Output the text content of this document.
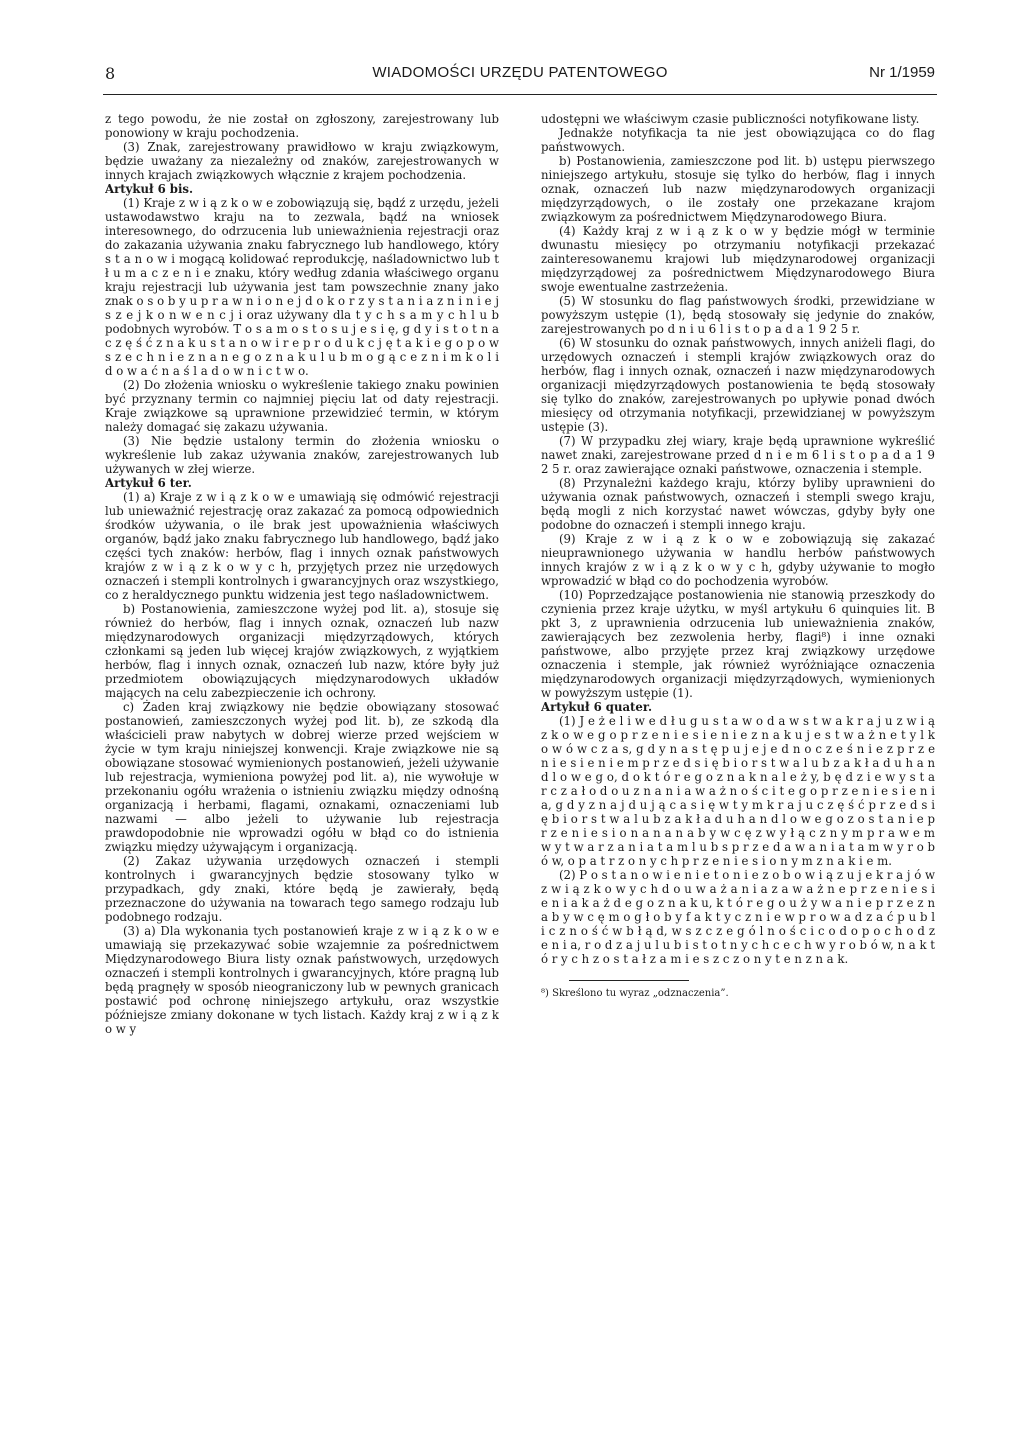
8	WIADOMOŚCI URZĘDU PATENTOWEGO	Nr 1/1959

z tego powodu, że nie został on zgłoszony, zarejestrowany lub ponowiony w kraju pochodzenia.

(3) Znak, zarejestrowany prawidłowo w kraju związkowym, będzie uważany za niezależny od znaków, zarejestrowanych w innych krajach związkowych włącznie z krajem pochodzenia.

Artykuł 6 bis.

(1) Kraje z w i ą z k o w e zobowiązują się, bądź z urzędu, jeżeli ustawodawstwo kraju na to zezwala, bądź na wniosek interesownego, do odrzucenia lub unieważnienia rejestracji oraz do zakazania używania znaku fabrycznego lub handlowego, który s t a n o w i mogącą kolidować reprodukcję, naśladownictwo lub t ł u m a c z e n i e znaku, który według zdania właściwego organu kraju rejestracji lub używania jest tam powszechnie znany jako znak o s o b y u p r a w n i o n e j d o k o r z y s t a n i a z n i n i e j s z e j k o n w e n c j i oraz używany dla t y c h s a m y c h l u b podobnych wyrobów. T o s a m o s t o s u j e s i ę, g d y i s t o t n a c z ę ś ć z n a k u s t a n o w i r e p r o d u k c j ę t a k i e g o p o w s z e c h n i e z n a n e g o z n a k u l u b m o g ą c e z n i m k o l i d o w a ć n a ś l a d o w n i c t w o.

(2) Do złożenia wniosku o wykreślenie takiego znaku powinien być przyznany termin co najmniej pięciu lat od daty rejestracji. Kraje związkowe są uprawnione przewidzieć termin, w którym należy domagać się zakazu używania.

(3) Nie będzie ustalony termin do złożenia wniosku o wykreślenie lub zakaz używania znaków, zarejestrowanych lub używanych w złej wierze.

Artykuł 6 ter.

(1) a) Kraje z w i ą z k o w e umawiają się odmówić rejestracji lub unieważnić rejestrację oraz zakazać za pomocą odpowiednich środków używania, o ile brak jest upoważnienia właściwych organów, bądź jako znaku fabrycznego lub handlowego, bądź jako części tych znaków: herbów, flag i innych oznak państwowych krajów z w i ą z k o w y c h, przyjętych przez nie urzędowych oznaczeń i stempli kontrolnych i gwarancyjnych oraz wszystkiego, co z heraldycznego punktu widzenia jest tego naśladownictwem.

b) Postanowienia, zamieszczone wyżej pod lit. a), stosuje się również do herbów, flag i innych oznak, oznaczeń lub nazw międzynarodowych organizacji międzyrządowych, których członkami są jeden lub więcej krajów związkowych, z wyjątkiem herbów, flag i innych oznak, oznaczeń lub nazw, które były już przedmiotem obowiązujących międzynarodowych układów mających na celu zabezpieczenie ich ochrony.

c) Żaden kraj związkowy nie będzie obowiązany stosować postanowień, zamieszczonych wyżej pod lit. b), ze szkodą dla właścicieli praw nabytych w dobrej wierze przed wejściem w życie w tym kraju niniejszej konwencji. Kraje związkowe nie są obowiązane stosować wymienionych postanowień, jeżeli używanie lub rejestracja, wymieniona powyżej pod lit. a), nie wywołuje w przekonaniu ogółu wrażenia o istnieniu związku między odnośną organizacją i herbami, flagami, oznakami, oznaczeniami lub nazwami — albo jeżeli to używanie lub rejestracja prawdopodobnie nie wprowadzi ogółu w błąd co do istnienia związku między używającym i organizacją.

(2) Zakaz używania urzędowych oznaczeń i stempli kontrolnych i gwarancyjnych będzie stosowany tylko w przypadkach, gdy znaki, które będą je zawierały, będą przeznaczone do używania na towarach tego samego rodzaju lub podobnego rodzaju.

(3) a) Dla wykonania tych postanowień kraje z w i ą z k o w e umawiają się przekazywać sobie wzajemnie za pośrednictwem Międzynarodowego Biura listy oznak państwowych, urzędowych oznaczeń i stempli kontrolnych i gwarancyjnych, które pragną lub będą pragnęły w sposób nieograniczony lub w pewnych granicach postawić pod ochronę niniejszego artykułu, oraz wszystkie późniejsze zmiany dokonane w tych listach. Każdy kraj z w i ą z k o w y

udostępni we właściwym czasie publiczności notyfikowane listy.

Jednakże notyfikacja ta nie jest obowiązująca co do flag państwowych.

b) Postanowienia, zamieszczone pod lit. b) ustępu pierwszego niniejszego artykułu, stosuje się tylko do herbów, flag i innych oznak, oznaczeń lub nazw międzynarodowych organizacji międzyrządowych, o ile zostały one przekazane krajom związkowym za pośrednictwem Międzynarodowego Biura.

(4) Każdy kraj z w i ą z k o w y będzie mógł w terminie dwunastu miesięcy po otrzymaniu notyfikacji przekazać zainteresowanemu krajowi lub międzynarodowej organizacji międzyrządowej za pośrednictwem Międzynarodowego Biura swoje ewentualne zastrzeżenia.

(5) W stosunku do flag państwowych środki, przewidziane w powyższym ustępie (1), będą stosowały się jedynie do znaków, zarejestrowanych po d n i u 6 l i s t o p a d a 1 9 2 5 r.

(6) W stosunku do oznak państwowych, innych aniżeli flagi, do urzędowych oznaczeń i stempli krajów związkowych oraz do herbów, flag i innych oznak, oznaczeń i nazw międzynarodowych organizacji międzyrządowych postanowienia te będą stosowały się tylko do znaków, zarejestrowanych po upływie ponad dwóch miesięcy od otrzymania notyfikacji, przewidzianej w powyższym ustępie (3).

(7) W przypadku złej wiary, kraje będą uprawnione wykreślić nawet znaki, zarejestrowane przed d n i e m 6 l i s t o p a d a 1 9 2 5 r. oraz zawierające oznaki państwowe, oznaczenia i stemple.

(8) Przynależni każdego kraju, którzy byliby uprawnieni do używania oznak państwowych, oznaczeń i stempli swego kraju, będą mogli z nich korzystać nawet wówczas, gdyby były one podobne do oznaczeń i stempli innego kraju.

(9) Kraje z w i ą z k o w e zobowiązują się zakazać nieuprawnionego używania w handlu herbów państwowych innych krajów z w i ą z k o w y c h, gdyby używanie to mogło wprowadzić w błąd co do pochodzenia wyrobów.

(10) Poprzedzające postanowienia nie stanowią przeszkody do czynienia przez kraje użytku, w myśl artykułu 6 quinquies lit. B pkt 3, z uprawnienia odrzucenia lub unieważnienia znaków, zawierających bez zezwolenia herby, flagi⁸) i inne oznaki państwowe, albo przyjęte przez kraj związkowy urzędowe oznaczenia i stemple, jak również wyróżniające oznaczenia międzynarodowych organizacji międzyrządowych, wymienionych w powyższym ustępie (1).

Artykuł 6 quater.

(1) J e ż e l i w e d ł u g u s t a w o d a w s t w a k r a j u z w i ą z k o w e g o p r z e n i e s i e n i e z n a k u j e s t w a ż n e t y l k o w ó w c z a s, g d y n a s t ę p u j e j e d n o c z e ś n i e z p r z e n i e s i e n i e m p r z e d s i ę b i o r s t w a l u b z a k ł a d u h a n d l o w e g o, d o k t ó r e g o z n a k n a l e ż y, b ę d z i e w y s t a r c z a ł o d o u z n a n i a w a ż n o ś c i t e g o p r z e n i e s i e n i a, g d y z n a j d u j ą c a s i ę w t y m k r a j u c z ę ś ć p r z e d s i ę b i o r s t w a l u b z a k ł a d u h a n d l o w e g o z o s t a n i e p r z e n i e s i o n a n a n a b y w c ę z w y ł ą c z n y m p r a w e m w y t w a r z a n i a t a m l u b s p r z e d a w a n i a t a m w y r o b ó w, o p a t r z o n y c h p r z e n i e s i o n y m z n a k i e m.

(2) P o s t a n o w i e n i e t o n i e z o b o w i ą z u j e k r a j ó w z w i ą z k o w y c h d o u w a ż a n i a z a w a ż n e p r z e n i e s i e n i a k a ż d e g o z n a k u, k t ó r e g o u ż y w a n i e p r z e z n a b y w c ę m o g ł o b y f a k t y c z n i e w p r o w a d z a ć p u b l i c z n o ś ć w b ł ą d, w s z c z e g ó l n o ś c i c o d o p o c h o d z e n i a, r o d z a j u l u b i s t o t n y c h c e c h w y r o b ó w, n a k t ó r y c h z o s t a ł z a m i e s z c z o n y t e n z n a k.

⁸) Skreślono tu wyraz „odznaczenia”.
